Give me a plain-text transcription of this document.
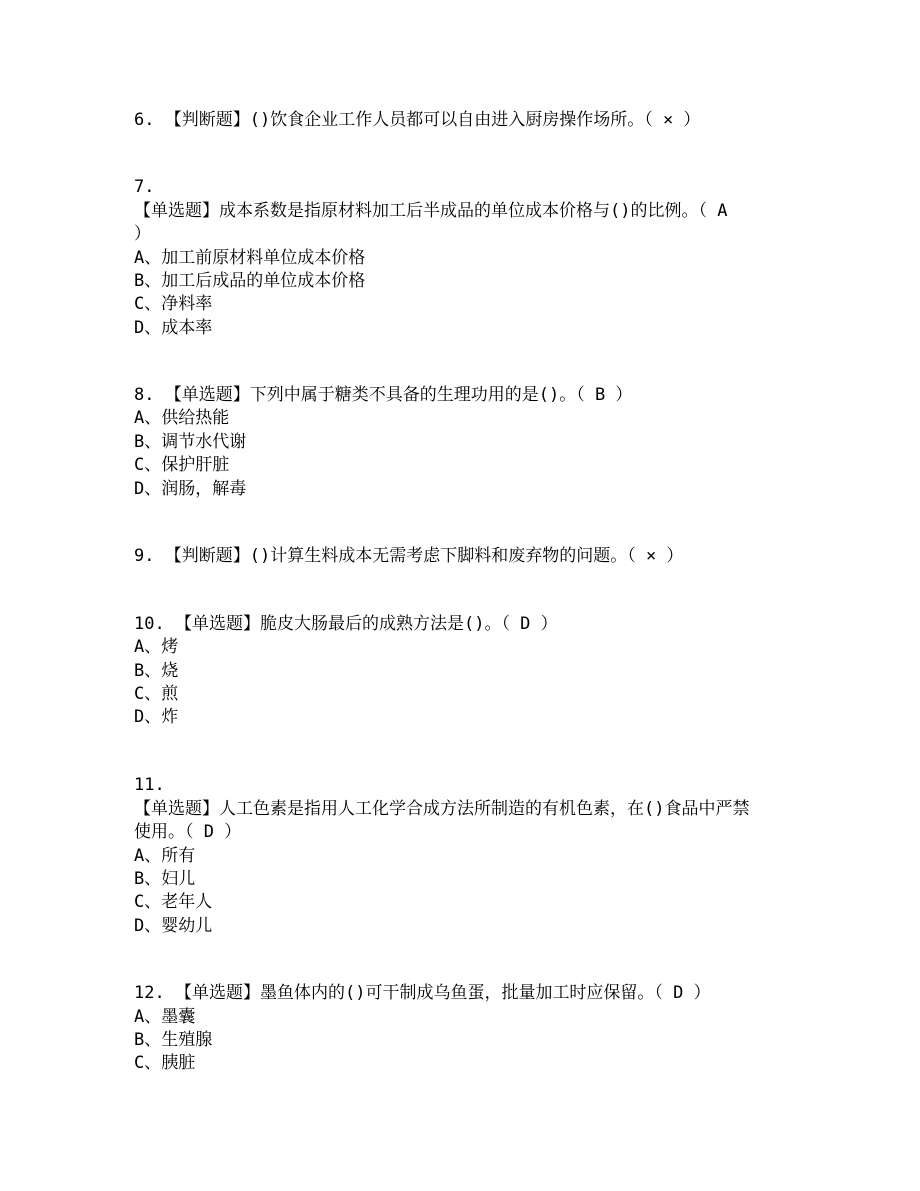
6. 【判断题】()饮食企业工作人员都可以自由进入厨房操作场所。（ × ）
7.
【单选题】成本系数是指原材料加工后半成品的单位成本价格与()的比例。（ A
）
A、加工前原材料单位成本价格
B、加工后成品的单位成本价格
C、净料率
D、成本率
8. 【单选题】下列中属于糖类不具备的生理功用的是()。（ B ）
A、供给热能
B、调节水代谢
C、保护肝脏
D、润肠，解毒
9. 【判断题】()计算生料成本无需考虑下脚料和废弃物的问题。（ × ）
10. 【单选题】脆皮大肠最后的成熟方法是()。（ D ）
A、烤
B、烧
C、煎
D、炸
11.
【单选题】人工色素是指用人工化学合成方法所制造的有机色素，在()食品中严禁
使用。（ D ）
A、所有
B、妇儿
C、老年人
D、婴幼儿
12. 【单选题】墨鱼体内的()可干制成乌鱼蛋，批量加工时应保留。（ D ）
A、墨囊
B、生殖腺
C、胰脏
